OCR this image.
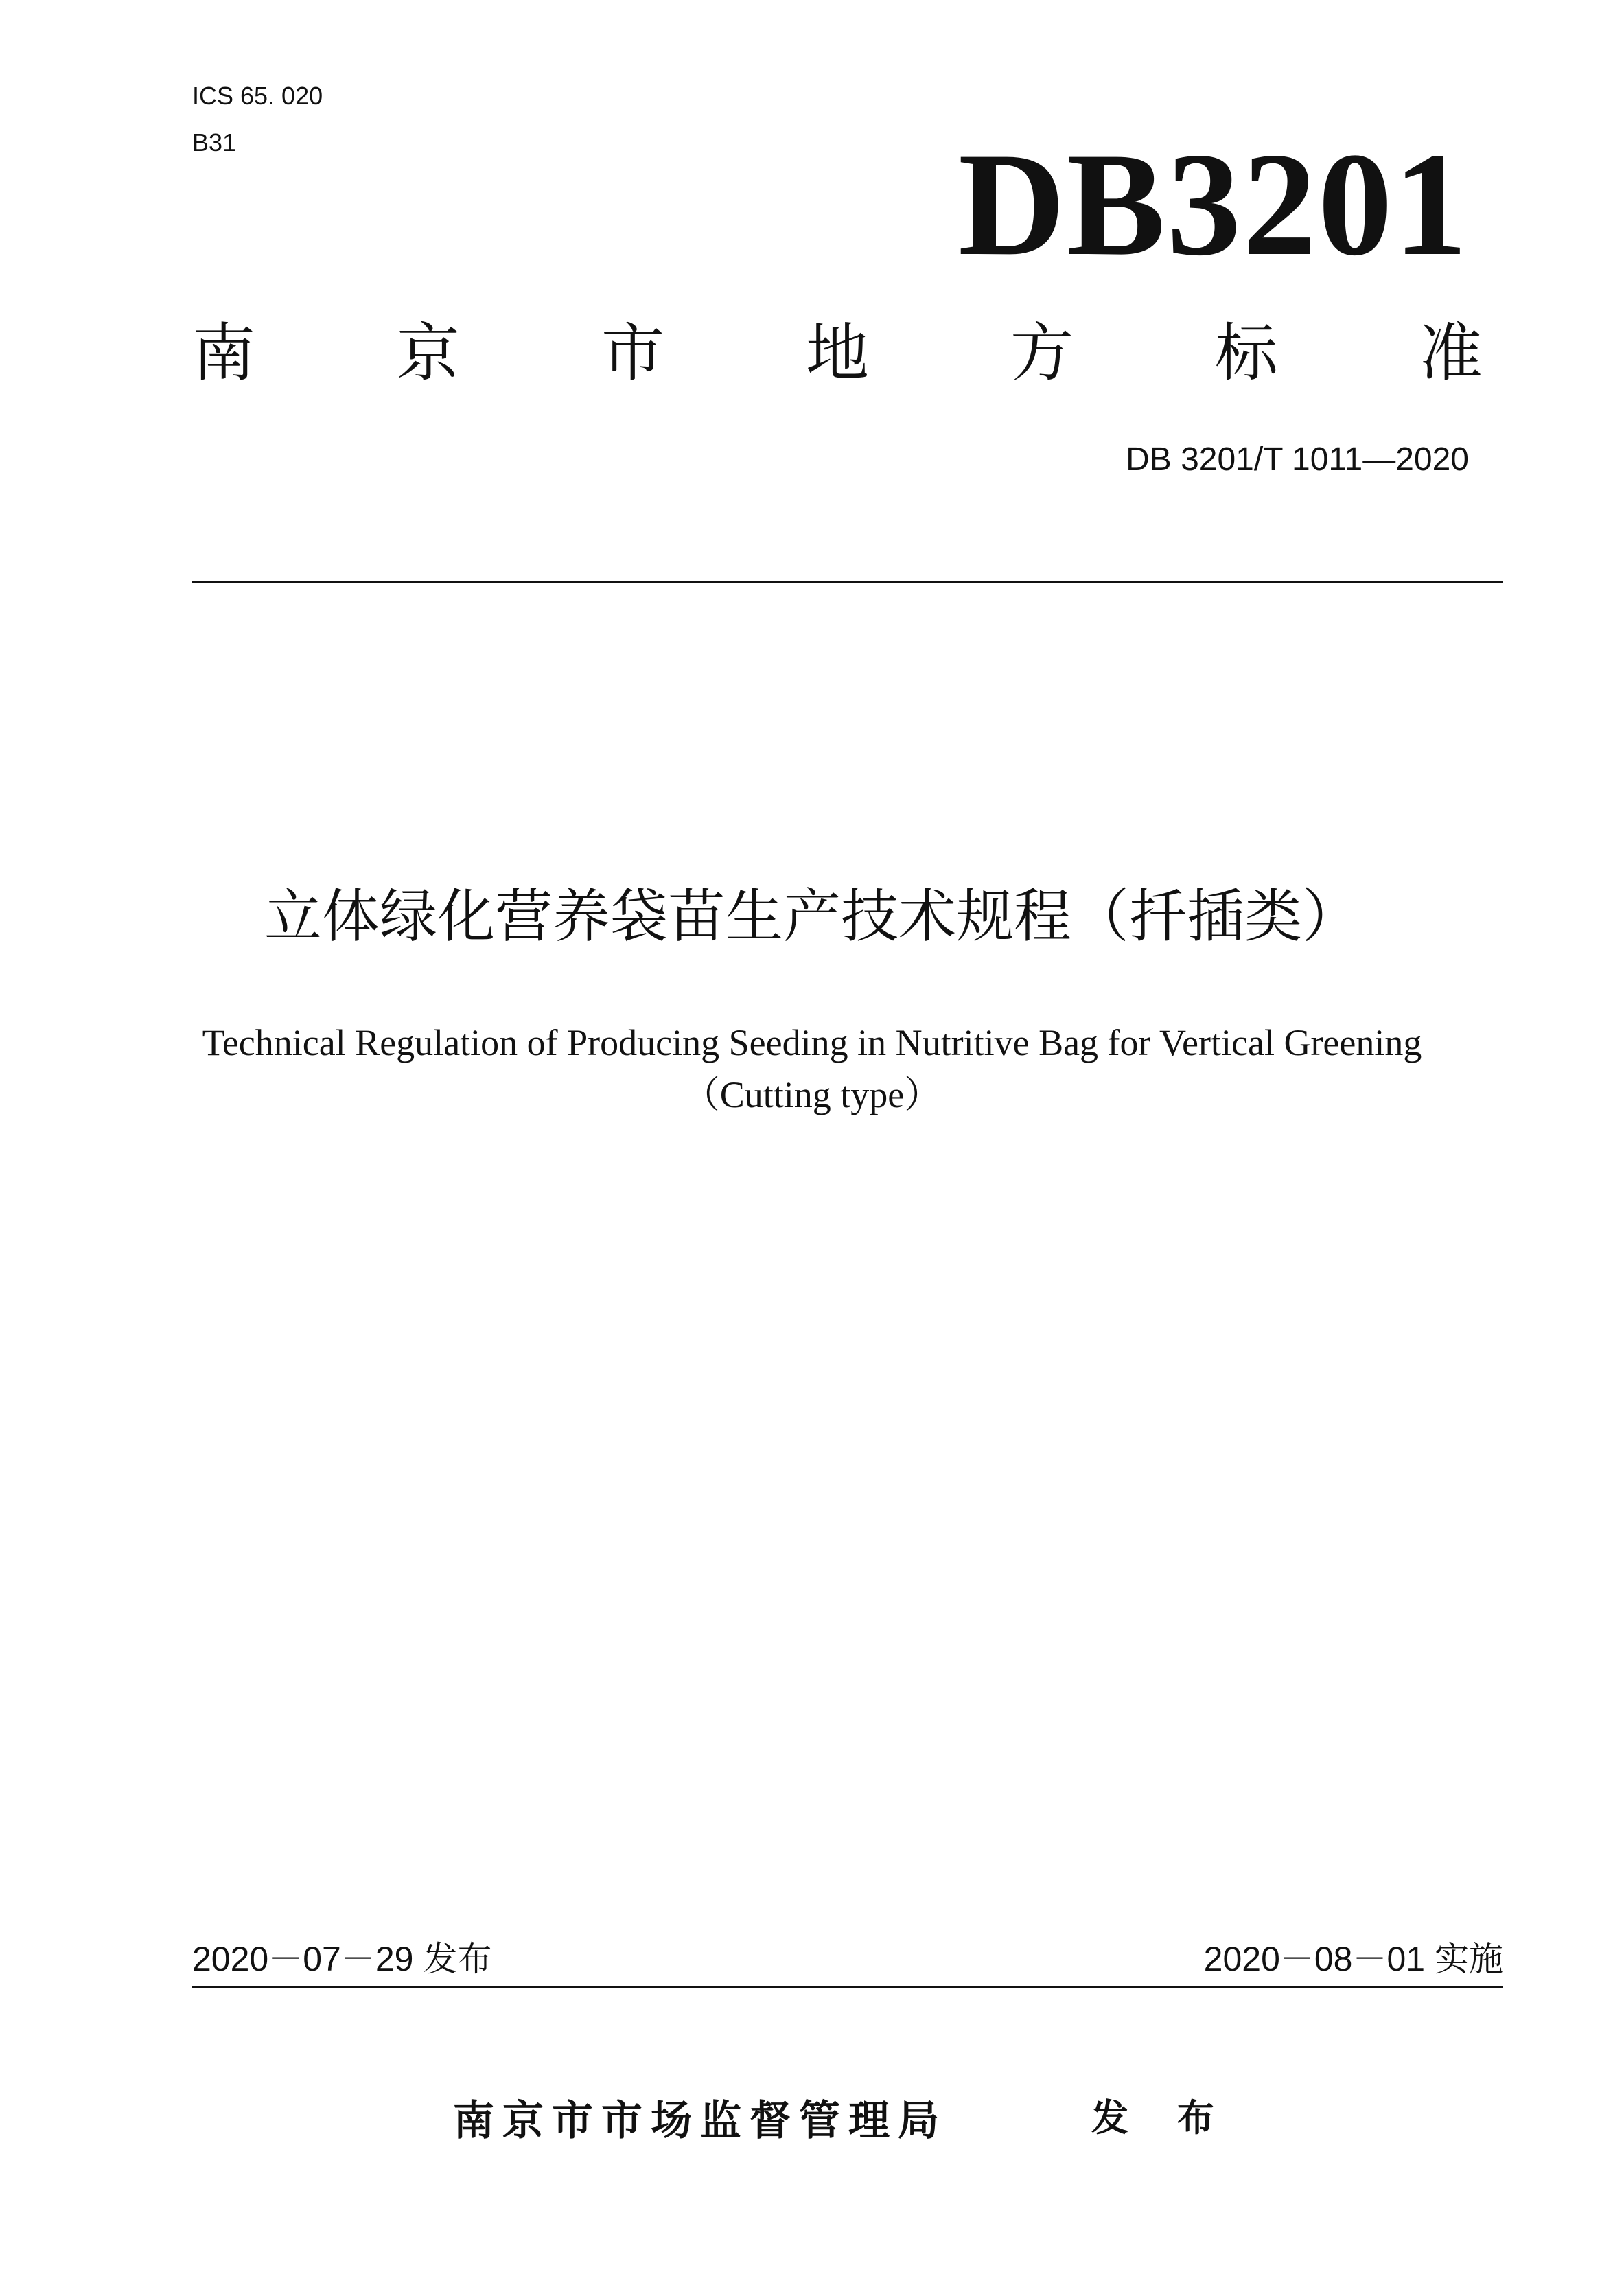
ICS 65. 020
B31	DB3201
南 京 市 地 方 标 准
DB 3201/T 1011—2020
立体绿化营养袋苗生产技术规程（扦插类）
Technical Regulation of Producing Seeding in Nutritive Bag for Vertical Greening
（Cutting type）
2020－07－29 发布	2020－08－01 实施
南京市市场监督管理局	发 布
